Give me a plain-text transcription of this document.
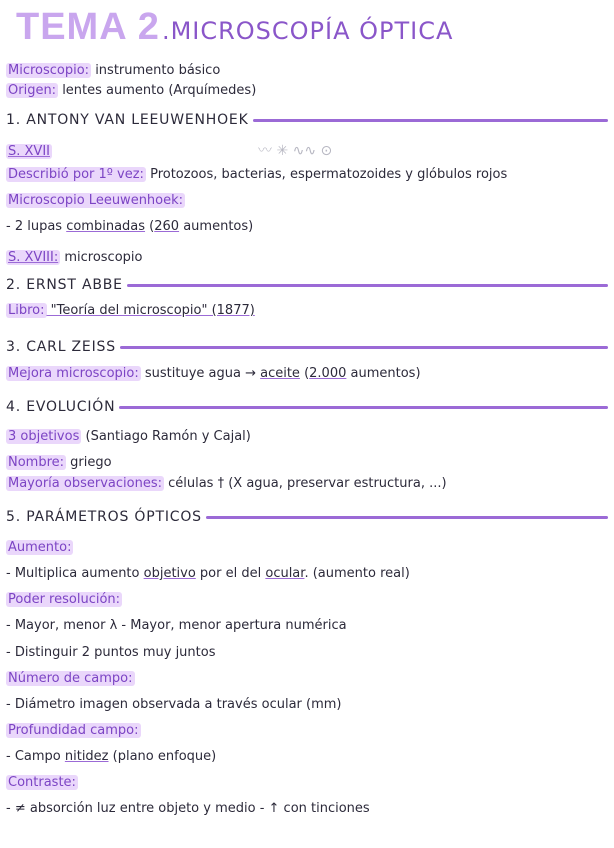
TEMA 2.MICROSCOPÍA ÓPTICA
Microscopio: instrumento básico
Origen: lentes aumento (Arquímedes)
1. ANTONY VAN LEEUWENHOEK
S. XVII	〰 ✳ ∿∿ ⊙
Describió por 1º vez: Protozoos, bacterias, espermatozoides y glóbulos rojos
Microscopio Leeuwenhoek:
- 2 lupas combinadas (260 aumentos)
S. XVIII: microscopio
2. ERNST ABBE
Libro: "Teoría del microscopio" (1877)
3. CARL ZEISS
Mejora microscopio: sustituye agua → aceite (2.000 aumentos)
4. EVOLUCIÓN
3 objetivos (Santiago Ramón y Cajal)
Nombre: griego
Mayoría observaciones: células † (X agua, preservar estructura, ...)
5. PARÁMETROS ÓPTICOS
Aumento:
- Multiplica aumento objetivo por el del ocular. (aumento real)
Poder resolución:
- Mayor, menor λ - Mayor, menor apertura numérica
- Distinguir 2 puntos muy juntos
Número de campo:
- Diámetro imagen observada a través ocular (mm)
Profundidad campo:
- Campo nitidez (plano enfoque)
Contraste:
- ≠ absorción luz entre objeto y medio - ↑ con tinciones
